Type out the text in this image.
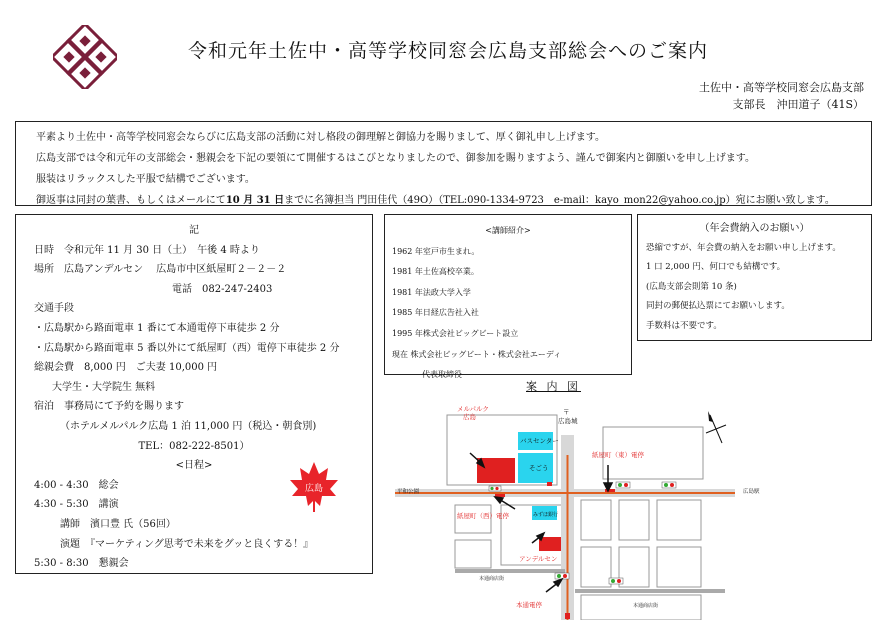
令和元年土佐中・高等学校同窓会広島支部総会へのご案内
土佐中・高等学校同窓会広島支部
支部長　沖田道子（41S）
平素より土佐中・高等学校同窓会ならびに広島支部の活動に対し格段の御理解と御協力を賜りまして、厚く御礼申し上げます。
広島支部では令和元年の支部総会・懇親会を下記の要領にて開催するはこびとなりましたので、御参加を賜りますよう、謹んで御案内と御願いを申し上げます。
服装はリラックスした平服で結構でございます。
御返事は同封の葉書、もしくはメールにて10 月 31 日までに名簿担当 門田佳代（49O）（TEL:090-1334-9723　e-mail：kayo_mon22@yahoo.co.jp）宛にお願い致します。
記
日時　令和元年 11 月 30 日（土）　午後 4 時より
場所　広島アンデルセン　 広島市中区紙屋町２－２－２
電話　082-247-2403
交通手段
・広島駅から路面電車 1 番にて本通電停下車徒歩 2 分
・広島駅から路面電車 5 番以外にて紙屋町（西）電停下車徒歩 2 分
総親会費　8,000 円　ご夫妻 10,000 円
大学生・大学院生 無料
宿泊　事務局にて予約を賜ります
（ホテルメルパルク広島 1 泊 11,000 円（税込・朝食別)
TEL：082-222-8501）
<日程>
4:00 - 4:30　総会
4:30 - 5:30　講演
講師　濱口豊 氏（56回）
演題　『マーケティング思考で未来をグッと良くする！』
5:30 - 8:30　懇親会
広島
<講師紹介>
1962 年室戸市生まれ。
1981 年土佐高校卒業。
1981 年法政大学入学
1985 年日経広告社入社
1995 年株式会社ビッグビート設立
現在 株式会社ビッグビート・株式会社エーディ
代表取締役
（年会費納入のお願い）
恐縮ですが、年会費の納入をお願い申し上げます。
1 口 2,000 円、何口でも結構です。
(広島支部会則第 10 条)
同封の郵便払込票にてお願いします。
手数料は不要です。
案 内 図
メルパルク
広島
バスセンター
そごう
〒
広島城
紙屋町（東）電停
紙屋町（西）電停
平和公園	広島駅
みずほ銀行
アンデルセン
本通商店街
本通商店街
本通電停
